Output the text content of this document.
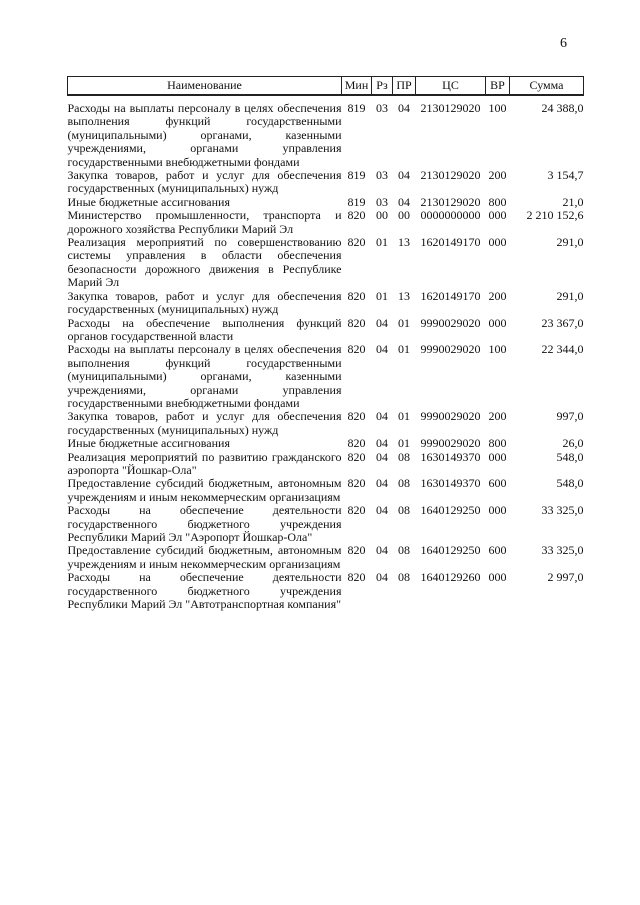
6
Наименование	Мин	Рз	ПР	ЦС	ВР	Сумма

Расходы на выплаты персоналу в целях обеспечения выполнения функций государственными (муниципальными) органами, казенными учреждениями, органами управления государственными внебюджетными фондами	819	03	04	2130129020	100	24 388,0
Закупка товаров, работ и услуг для обеспечения государственных (муниципальных) нужд	819	03	04	2130129020	200	3 154,7
Иные бюджетные ассигнования	819	03	04	2130129020	800	21,0
Министерство промышленности, транспорта и дорожного хозяйства Республики Марий Эл	820	00	00	0000000000	000	2 210 152,6
Реализация мероприятий по совершенствованию системы управления в области обеспечения безопасности дорожного движения в Республике Марий Эл	820	01	13	1620149170	000	291,0
Закупка товаров, работ и услуг для обеспечения государственных (муниципальных) нужд	820	01	13	1620149170	200	291,0
Расходы на обеспечение выполнения функций органов государственной власти	820	04	01	9990029020	000	23 367,0
Расходы на выплаты персоналу в целях обеспечения выполнения функций государственными (муниципальными) органами, казенными учреждениями, органами управления государственными внебюджетными фондами	820	04	01	9990029020	100	22 344,0
Закупка товаров, работ и услуг для обеспечения государственных (муниципальных) нужд	820	04	01	9990029020	200	997,0
Иные бюджетные ассигнования	820	04	01	9990029020	800	26,0
Реализация мероприятий по развитию гражданского аэропорта "Йошкар-Ола"	820	04	08	1630149370	000	548,0
Предоставление субсидий бюджетным, автономным учреждениям и иным некоммерческим организациям	820	04	08	1630149370	600	548,0
Расходы на обеспечение деятельности государственного бюджетного учреждения Республики Марий Эл "Аэропорт Йошкар-Ола"	820	04	08	1640129250	000	33 325,0
Предоставление субсидий бюджетным, автономным учреждениям и иным некоммерческим организациям	820	04	08	1640129250	600	33 325,0
Расходы на обеспечение деятельности государственного бюджетного учреждения Республики Марий Эл "Автотранспортная компания"	820	04	08	1640129260	000	2 997,0
